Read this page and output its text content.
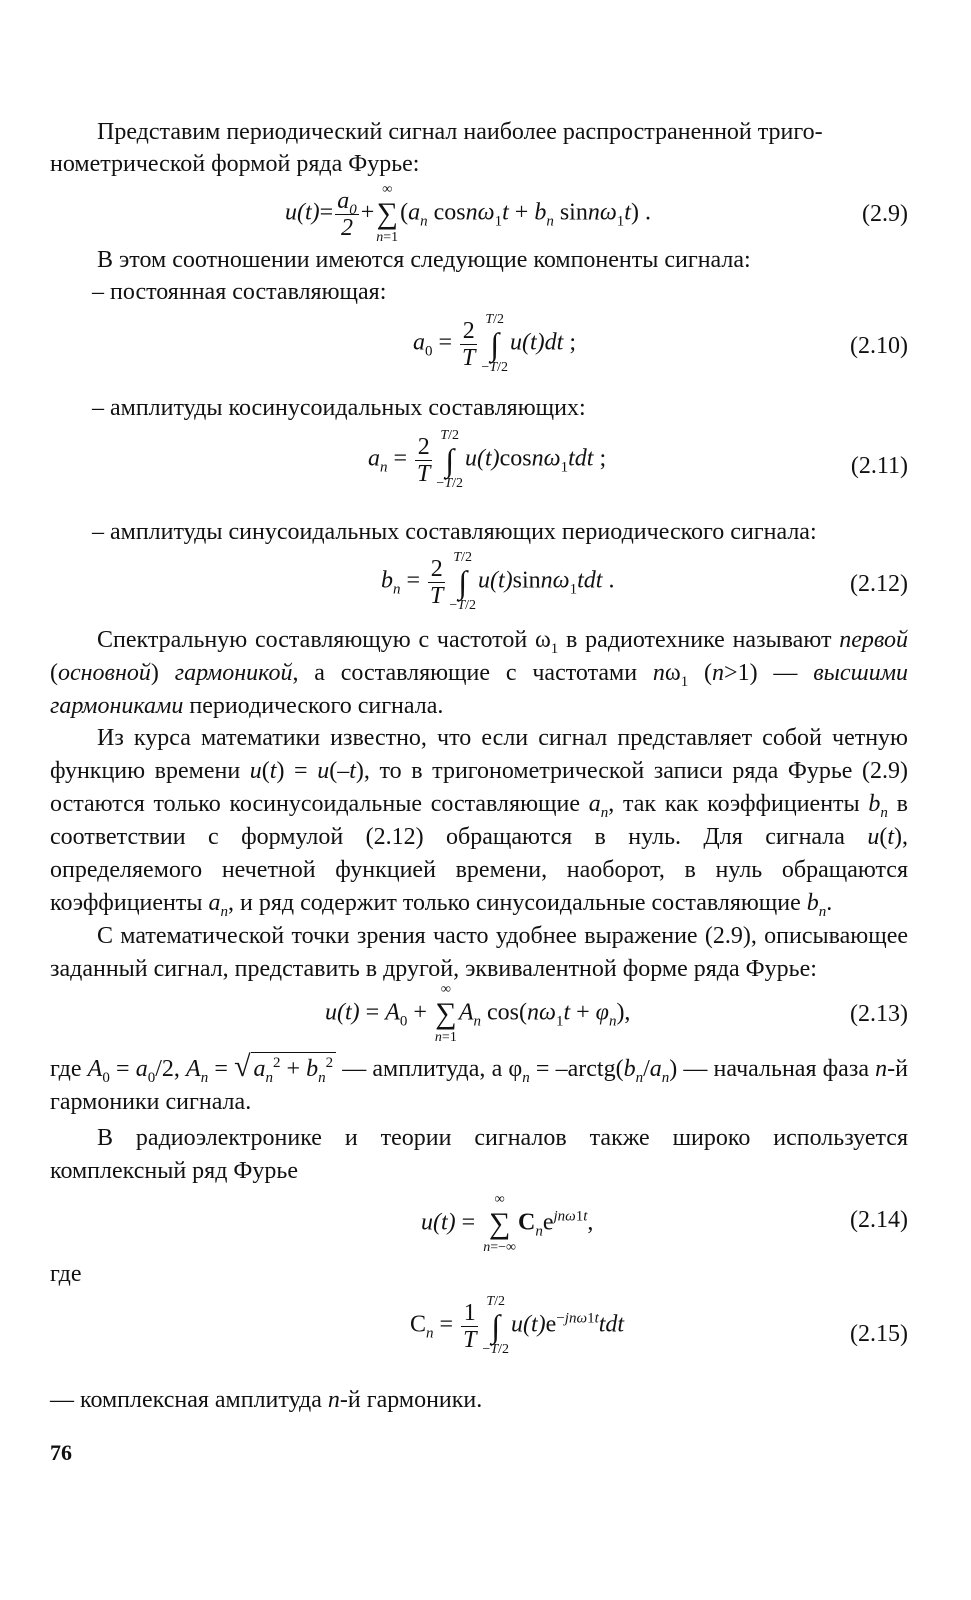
Представим периодический сигнал наиболее распространенной триго-

нометрической формой ряда Фурье:

$u(t)= \frac{a_0}{2}$ +
∞
∑
n=1
($a_n$ $\cos n\omega_1t + b_n$ sinnω$_1$t) .	(2.9)

В этом соотношении имеются следующие компоненты сигнала:

– постоянная составляющая:

$a_0 = \frac{2}{T} T/2$
∫
−T/2
u(t)dt ;	(2.10)

– амплитуды косинусоидальных составляющих:

$a_n = \frac{2}{T} T/2$
∫
−T/2
u(t)cosnω$_1$tdt ;	(2.11)

– амплитуды синусоидальных составляющих периодического сигнала:

$b_n = \frac{2}{T} T/2$
∫
−T/2
u(t)sinnω$_1$tdt .	(2.12)

Спектральную составляющую с частотой $\omega_1$ в радиотехнике называют первой (основной) гармоникой, а составляющие с частотами $n\omega_1$ (n>1) — высшими гармониками периодического сигнала.

Из курса математики известно, что если сигнал представляет собой четную функцию времени u(t) = u(–t), то в тригонометрической записи ряда Фурье (2.9) остаются только косинусоидальные составляющие $a_n$, так как коэффициенты $b_n$ в соответствии с формулой (2.12) обращаются в нуль. Для сигнала u(t), определяемого нечетной функцией времени, наоборот, в нуль обращаются коэффициенты $a_n$, и ряд содержит только синусоидальные составляющие $b_n$.

С математической точки зрения часто удобнее выражение (2.9), описывающее заданный сигнал, представить в другой, эквивалентной форме ряда Фурье:

$u(t) = A_0$ +
∞
∑
n=1
$A_n$ $\cos(n\omega_1t + \varphi_n)$,	(2.13)

где $A_0 = a_0/2$, $A_n$ = √ $a_n^2 + b_n^2$ — амплитуда, а $\varphi_n$ = $-arctg(b_n/a_n)$ — начальная фаза n-й гармоники сигнала.

В радиоэлектронике и теории сигналов также широко используется комплексный ряд Фурье

u(t) =
∞
∑
n=−∞
$C_ne^{jn\omega 1t}$,	(2.14)

где

$C_n = \frac{1}{T} T/2$
∫
−T/2
$u(t)e^{-jn\omega 1t}tdt$	(2.15)

— комплексная амплитуда n-й гармоники.

76
